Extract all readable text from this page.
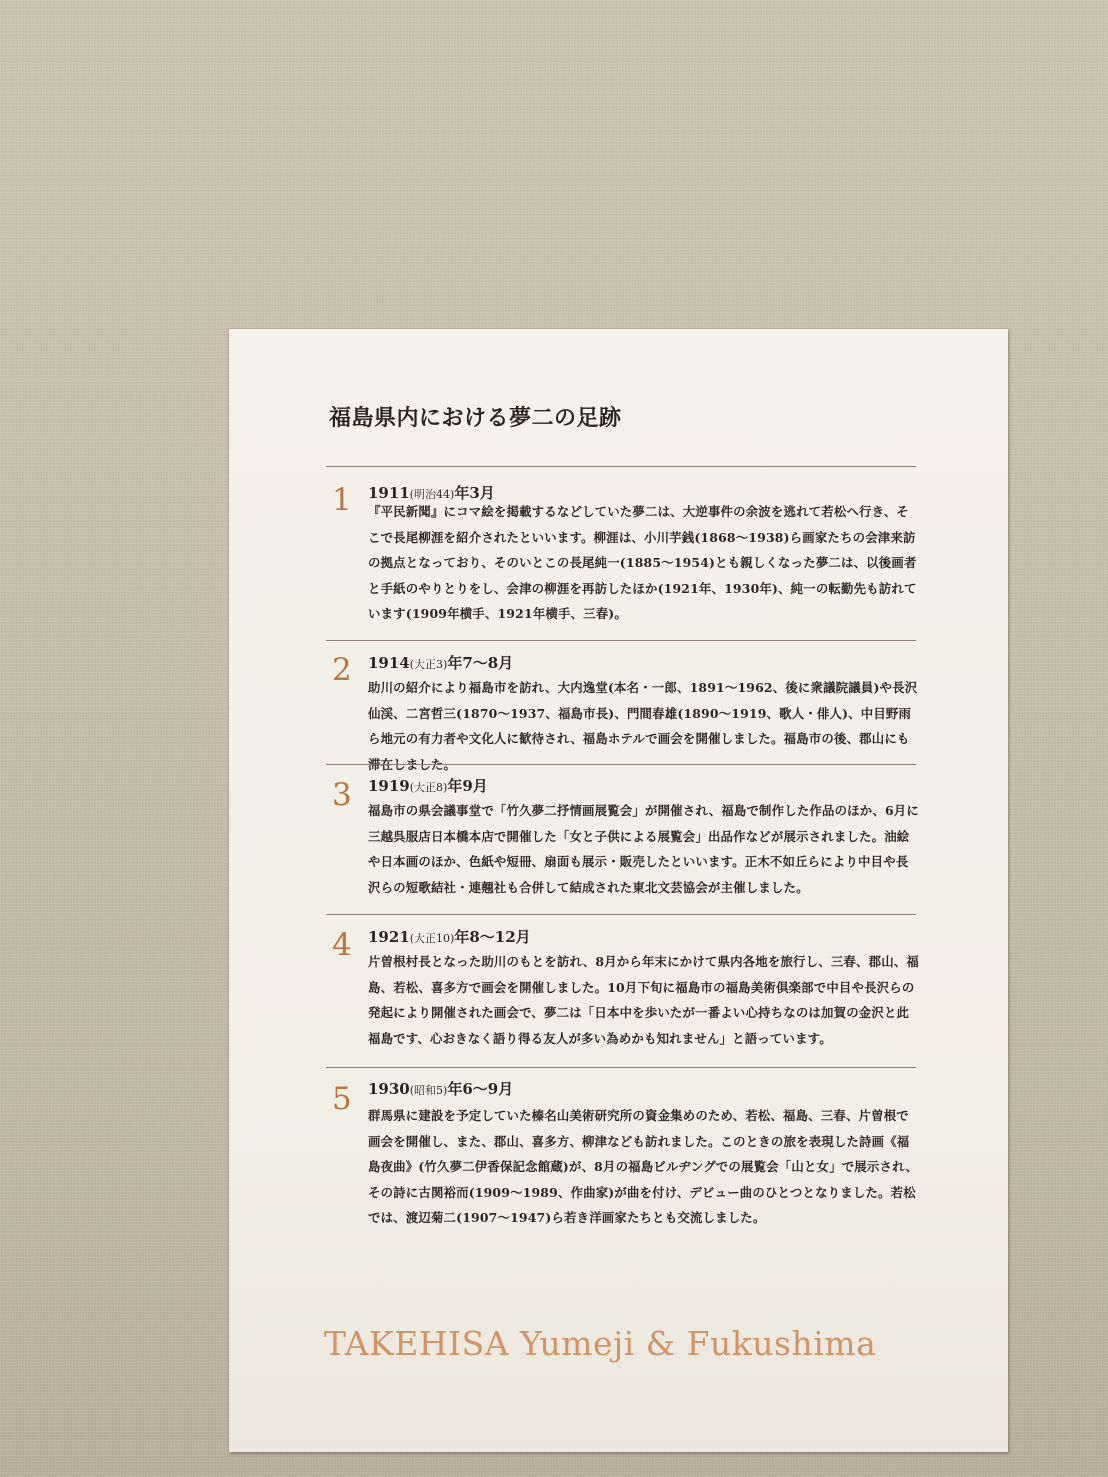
福島県内における夢二の足跡
1 1911(明治44)年3月
『平民新聞』にコマ絵を掲載するなどしていた夢二は、大逆事件の余波を逃れて若松へ行き、そこで長尾柳涯を紹介されたといいます。柳涯は、小川芋銭(1868〜1938)ら画家たちの会津来訪の拠点となっており、そのいとこの長尾純一(1885〜1954)とも親しくなった夢二は、以後画者と手紙のやりとりをし、会津の柳涯を再訪したほか(1921年、1930年)、純一の転勤先も訪れています(1909年横手、1921年横手、三春)。
2 1914(大正3)年7〜8月
助川の紹介により福島市を訪れ、大内逸堂(本名・一郎、1891〜1962、後に衆議院議員)や長沢仙渓、二宮哲三(1870〜1937、福島市長)、門間春雄(1890〜1919、歌人・俳人)、中目野雨ら地元の有力者や文化人に歓待され、福島ホテルで画会を開催しました。福島市の後、郡山にも滞在しました。
3 1919(大正8)年9月
福島市の県会議事堂で「竹久夢二抒情画展覧会」が開催され、福島で制作した作品のほか、6月に三越呉服店日本橋本店で開催した「女と子供による展覧会」出品作などが展示されました。油絵や日本画のほか、色紙や短冊、扇面も展示・販売したといいます。正木不如丘らにより中目や長沢らの短歌結社・連翹社も合併して結成された東北文芸協会が主催しました。
4 1921(大正10)年8〜12月
片曽根村長となった助川のもとを訪れ、8月から年末にかけて県内各地を旅行し、三春、郡山、福島、若松、喜多方で画会を開催しました。10月下旬に福島市の福島美術倶楽部で中目や長沢らの発起により開催された画会で、夢二は「日本中を歩いたが一番よい心持ちなのは加賀の金沢と此福島です、心おきなく語り得る友人が多い為めかも知れません」と語っています。
5 1930(昭和5)年6〜9月
群馬県に建設を予定していた榛名山美術研究所の資金集めのため、若松、福島、三春、片曽根で画会を開催し、また、郡山、喜多方、柳津なども訪れました。このときの旅を表現した詩画《福島夜曲》(竹久夢二伊香保記念館蔵)が、8月の福島ビルヂングでの展覧会「山と女」で展示され、その詩に古関裕而(1909〜1989、作曲家)が曲を付け、デビュー曲のひとつとなりました。若松では、渡辺菊二(1907〜1947)ら若き洋画家たちとも交流しました。
TAKEHISA Yumeji & Fukushima
